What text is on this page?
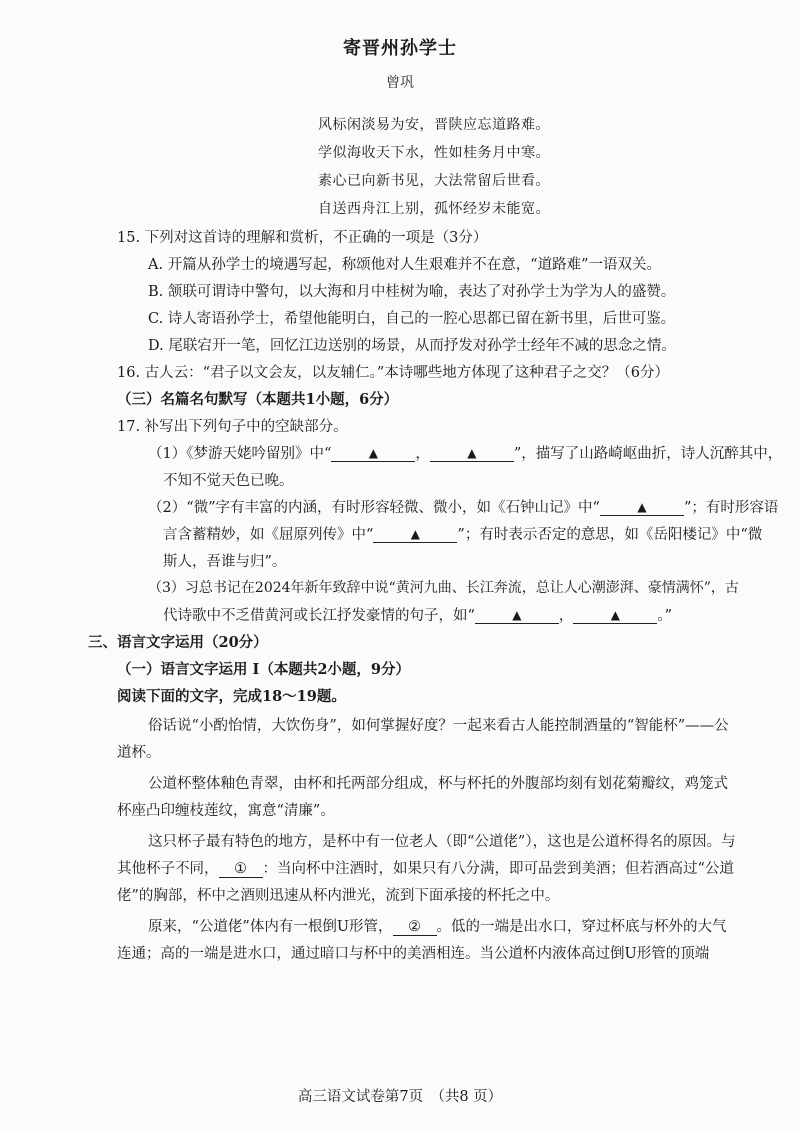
寄晋州孙学士
曾巩
风标闲淡易为安，晋陕应忘道路难。
学似海收天下水，性如桂务月中寒。
素心已向新书见，大法常留后世看。
自送西舟江上别，孤怀经岁未能宽。
15. 下列对这首诗的理解和赏析，不正确的一项是（3分）
A. 开篇从孙学士的境遇写起，称颂他对人生艰难并不在意，“道路难”一语双关。
B. 颔联可谓诗中警句，以大海和月中桂树为喻，表达了对孙学士为学为人的盛赞。
C. 诗人寄语孙学士，希望他能明白，自己的一腔心思都已留在新书里，后世可鉴。
D. 尾联宕开一笔，回忆江边送别的场景，从而抒发对孙学士经年不减的思念之情。
16. 古人云：“君子以文会友，以友辅仁。”本诗哪些地方体现了这种君子之交？（6分）
（三）名篇名句默写（本题共1小题，6分）
17. 补写出下列句子中的空缺部分。
（1）《梦游天姥吟留别》中“	▲	，	▲	”，描写了山路崎岖曲折，诗人沉醉其中，
不知不觉天色已晚。
（2）“微”字有丰富的内涵，有时形容轻微、微小，如《石钟山记》中“	▲	”；有时形容语
言含蓄精妙，如《屈原列传》中“	▲	”；有时表示否定的意思，如《岳阳楼记》中“微
斯人，吾谁与归”。
（3）习总书记在2024年新年致辞中说“黄河九曲、长江奔流，总让人心潮澎湃、豪情满怀”，古
代诗歌中不乏借黄河或长江抒发豪情的句子，如“	▲	，	▲	。”
三、语言文字运用（20分）
（一）语言文字运用 I（本题共2小题，9分）
阅读下面的文字，完成18～19题。
俗话说“小酌怡情，大饮伤身”，如何掌握好度？一起来看古人能控制酒量的“智能杯”——公
道杯。
公道杯整体釉色青翠，由杯和托两部分组成，杯与杯托的外腹部均刻有划花菊瓣纹，鸡笼式
杯座凸印缠枝莲纹，寓意“清廉”。
这只杯子最有特色的地方，是杯中有一位老人（即“公道佬”），这也是公道杯得名的原因。与
其他杯子不同， ① ：当向杯中注酒时，如果只有八分满，即可品尝到美酒；但若酒高过“公道
佬”的胸部，杯中之酒则迅速从杯内泄光，流到下面承接的杯托之中。
原来，“公道佬”体内有一根倒U形管， ② 。低的一端是出水口，穿过杯底与杯外的大气
连通；高的一端是进水口，通过暗口与杯中的美酒相连。当公道杯内液体高过倒U形管的顶端
高三语文试卷第7页　（共8 页）
